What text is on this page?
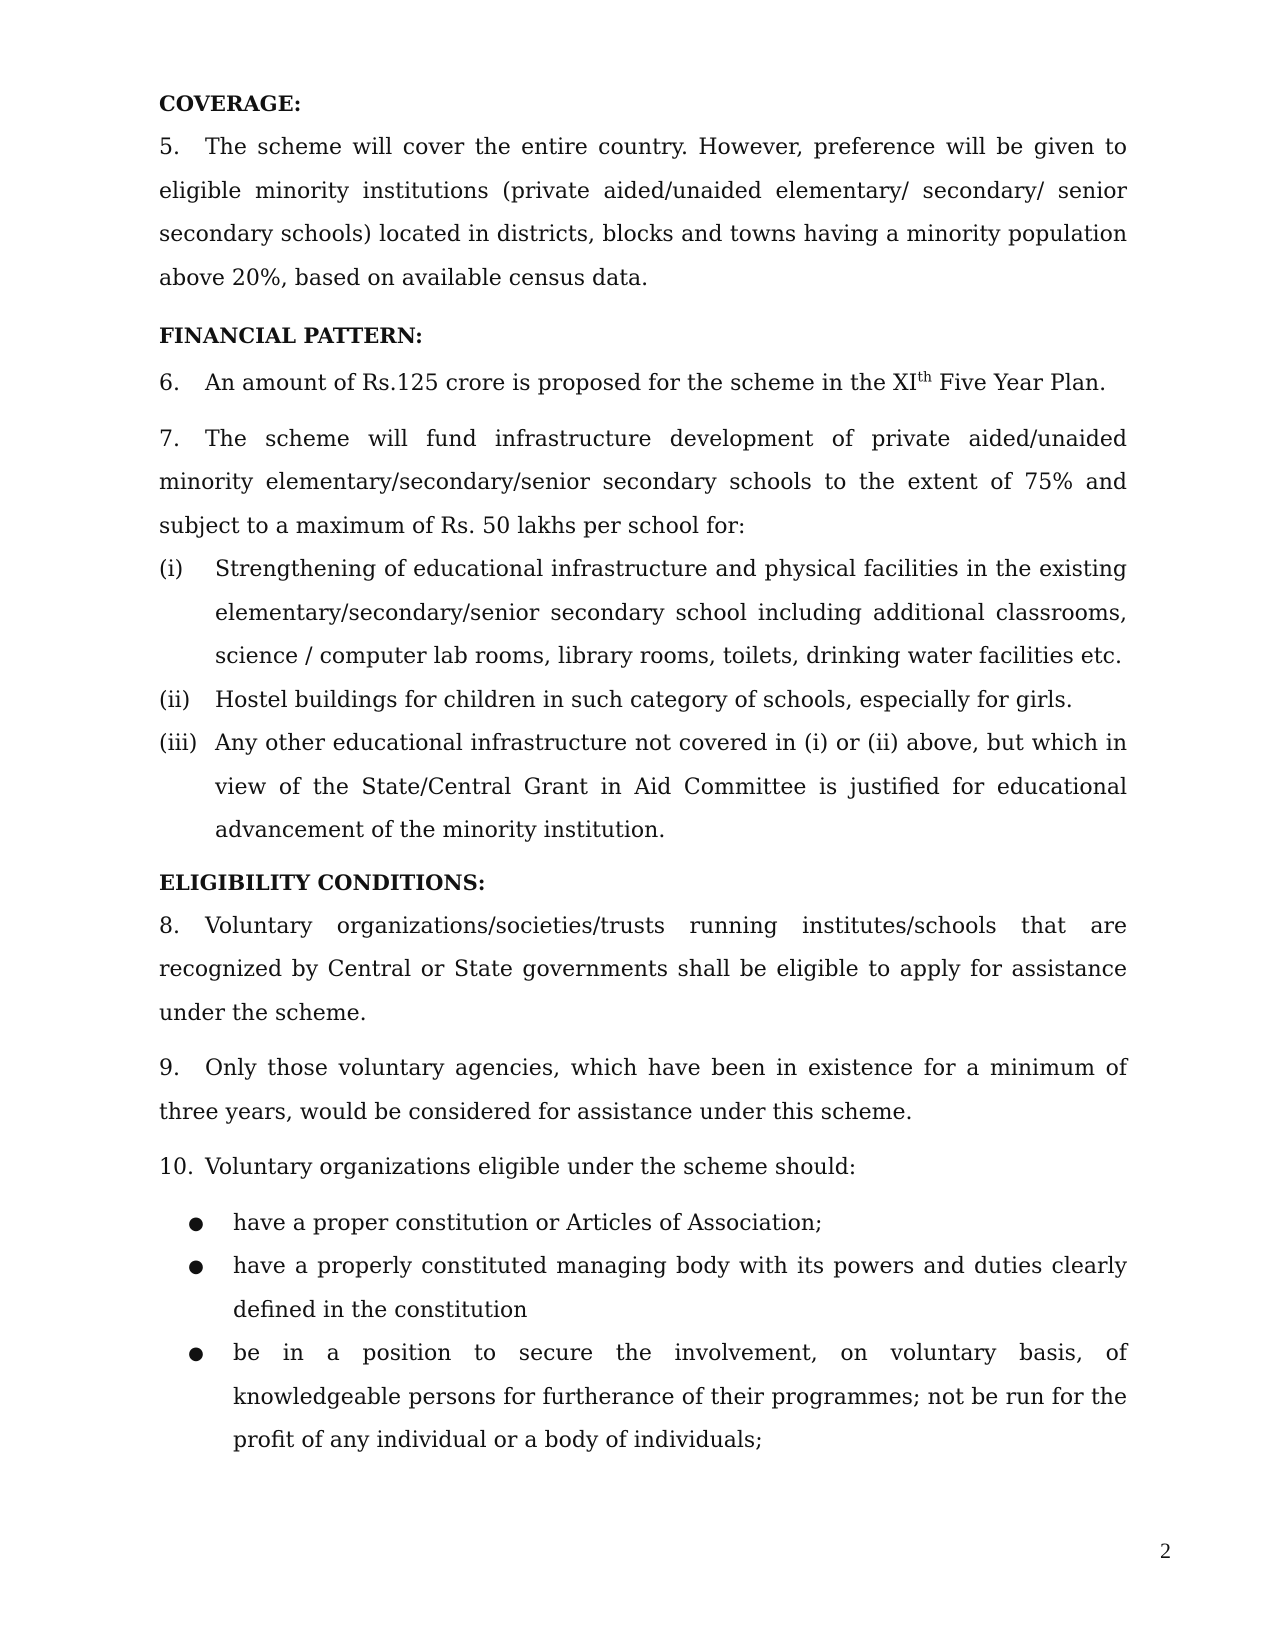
COVERAGE:

5. The scheme will cover the entire country. However, preference will be given to eligible minority institutions (private aided/unaided elementary/ secondary/ senior secondary schools) located in districts, blocks and towns having a minority population above 20%, based on available census data.

FINANCIAL PATTERN:

6. An amount of Rs.125 crore is proposed for the scheme in the XIth Five Year Plan.

7. The scheme will fund infrastructure development of private aided/unaided minority elementary/secondary/senior secondary schools to the extent of 75% and subject to a maximum of Rs. 50 lakhs per school for:

(i)	Strengthening of educational infrastructure and physical facilities in the existing elementary/secondary/senior secondary school including additional classrooms, science / computer lab rooms, library rooms, toilets, drinking water facilities etc.
(ii)	Hostel buildings for children in such category of schools, especially for girls.
(iii) Any other educational infrastructure not covered in (i) or (ii) above, but which in view of the State/Central Grant in Aid Committee is justified for educational advancement of the minority institution.

ELIGIBILITY CONDITIONS:

8. Voluntary organizations/societies/trusts running institutes/schools that are recognized by Central or State governments shall be eligible to apply for assistance under the scheme.

9. Only those voluntary agencies, which have been in existence for a minimum of three years, would be considered for assistance under this scheme.

10. Voluntary organizations eligible under the scheme should:

●	have a proper constitution or Articles of Association;
●	have a properly constituted managing body with its powers and duties clearly defined in the constitution
●	be in a position to secure the involvement, on voluntary basis, of knowledgeable persons for furtherance of their programmes; not be run for the profit of any individual or a body of individuals;
2
